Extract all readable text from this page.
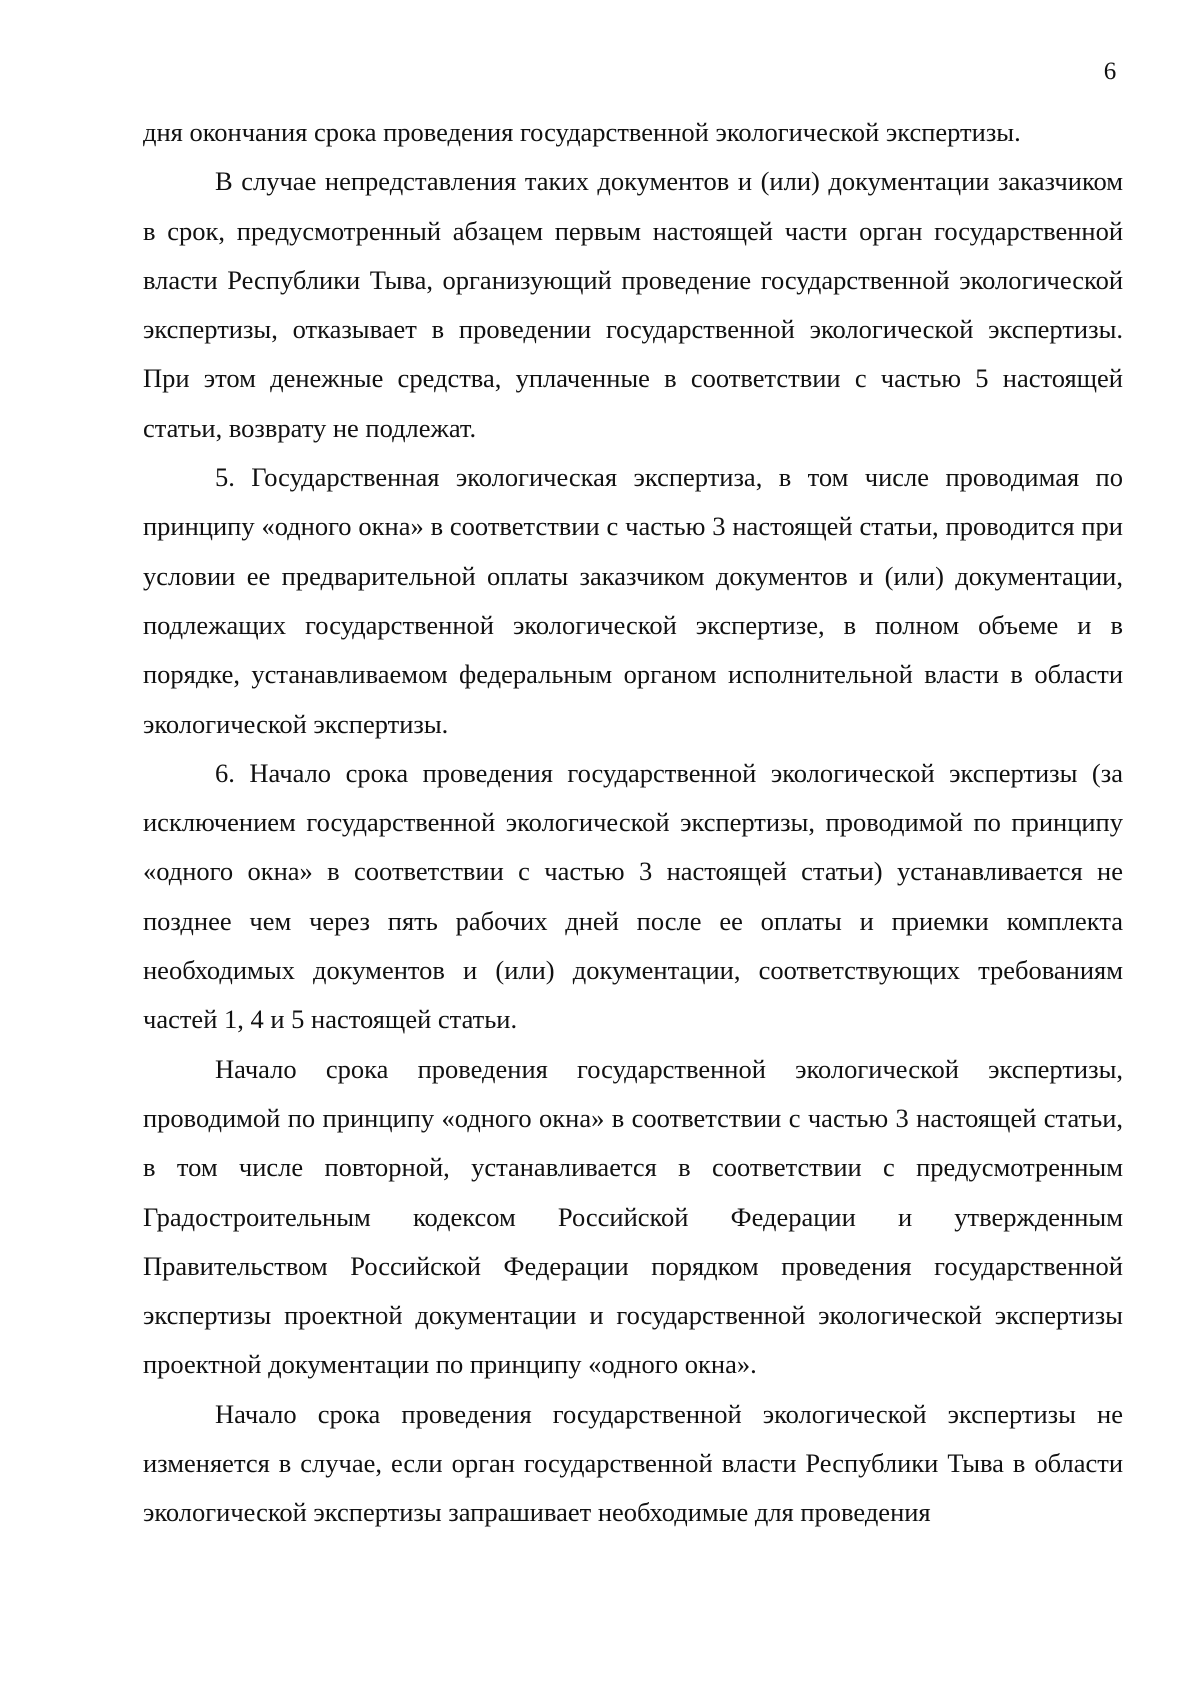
6

дня окончания срока проведения государственной экологической экспертизы.

В случае непредставления таких документов и (или) документации заказчиком в срок, предусмотренный абзацем первым настоящей части орган государственной власти Республики Тыва, организующий проведение государственной экологической экспертизы, отказывает в проведении государственной экологической экспертизы. При этом денежные средства, уплаченные в соответствии с частью 5 настоящей статьи, возврату не подлежат.

5. Государственная экологическая экспертиза, в том числе проводимая по принципу «одного окна» в соответствии с частью 3 настоящей статьи, проводится при условии ее предварительной оплаты заказчиком документов и (или) документации, подлежащих государственной экологической экспертизе, в полном объеме и в порядке, устанавливаемом федеральным органом исполнительной власти в области экологической экспертизы.

6. Начало срока проведения государственной экологической экспертизы (за исключением государственной экологической экспертизы, проводимой по принципу «одного окна» в соответствии с частью 3 настоящей статьи) устанавливается не позднее чем через пять рабочих дней после ее оплаты и приемки комплекта необходимых документов и (или) документации, соответствующих требованиям частей 1, 4 и 5 настоящей статьи.

Начало срока проведения государственной экологической экспертизы, проводимой по принципу «одного окна» в соответствии с частью 3 настоящей статьи, в том числе повторной, устанавливается в соответствии с предусмотренным Градостроительным кодексом Российской Федерации и утвержденным Правительством Российской Федерации порядком проведения государственной экспертизы проектной документации и государственной экологической экспертизы проектной документации по принципу «одного окна».

Начало срока проведения государственной экологической экспертизы не изменяется в случае, если орган государственной власти Республики Тыва в области экологической экспертизы запрашивает необходимые для проведения
